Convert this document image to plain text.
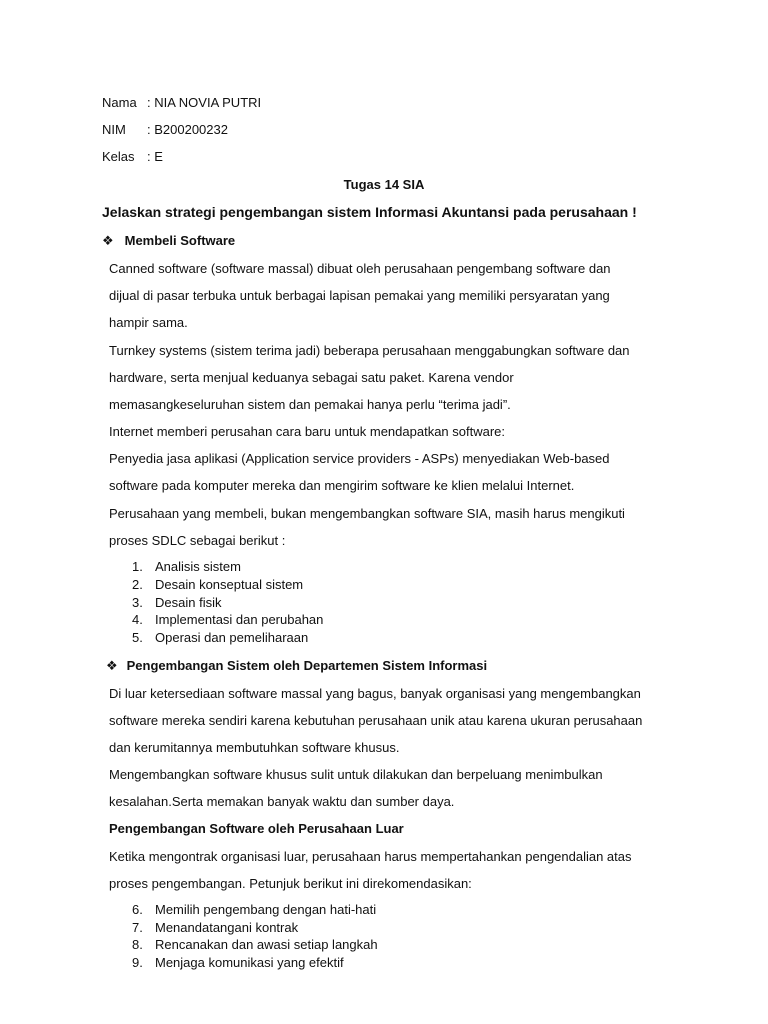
Nama : NIA NOVIA PUTRI
NIM : B200200232
Kelas : E
Tugas 14 SIA
Jelaskan strategi pengembangan sistem Informasi Akuntansi pada perusahaan !
❖ Membeli Software
Canned software (software massal) dibuat oleh perusahaan pengembang software dan
dijual di pasar terbuka untuk berbagai lapisan pemakai yang memiliki persyaratan yang
hampir sama.
Turnkey systems (sistem terima jadi) beberapa perusahaan menggabungkan software dan
hardware, serta menjual keduanya sebagai satu paket. Karena vendor
memasangkeseluruhan sistem dan pemakai hanya perlu “terima jadi”.
Internet memberi perusahan cara baru untuk mendapatkan software:
Penyedia jasa aplikasi (Application service providers - ASPs) menyediakan Web-based
software pada komputer mereka dan mengirim software ke klien melalui Internet.
Perusahaan yang membeli, bukan mengembangkan software SIA, masih harus mengikuti
proses SDLC sebagai berikut :
1. Analisis sistem
2. Desain konseptual sistem
3. Desain fisik
4. Implementasi dan perubahan
5. Operasi dan pemeliharaan
❖ Pengembangan Sistem oleh Departemen Sistem Informasi
Di luar ketersediaan software massal yang bagus, banyak organisasi yang mengembangkan
software mereka sendiri karena kebutuhan perusahaan unik atau karena ukuran perusahaan
dan kerumitannya membutuhkan software khusus.
Mengembangkan software khusus sulit untuk dilakukan dan berpeluang menimbulkan
kesalahan.Serta memakan banyak waktu dan sumber daya.
Pengembangan Software oleh Perusahaan Luar
Ketika mengontrak organisasi luar, perusahaan harus mempertahankan pengendalian atas
proses pengembangan. Petunjuk berikut ini direkomendasikan:
6. Memilih pengembang dengan hati-hati
7. Menandatangani kontrak
8. Rencanakan dan awasi setiap langkah
9. Menjaga komunikasi yang efektif
